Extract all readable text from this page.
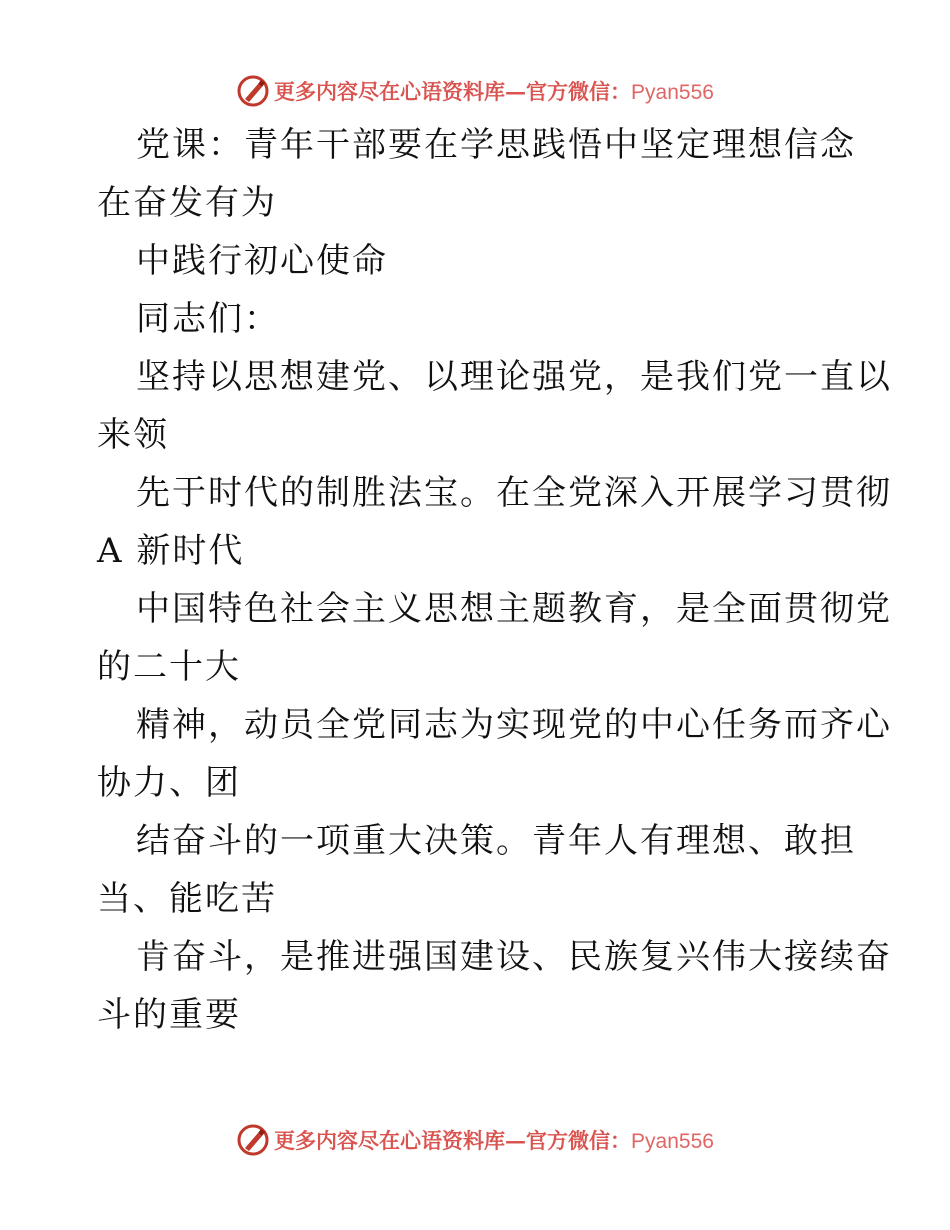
更多内容尽在心语资料库—官方微信：Pyan556
党课：青年干部要在学思践悟中坚定理想信念
在奋发有为
中践行初心使命
同志们：
坚持以思想建党、以理论强党，是我们党一直以
来领
先于时代的制胜法宝。在全党深入开展学习贯彻
A 新时代
中国特色社会主义思想主题教育，是全面贯彻党
的二十大
精神，动员全党同志为实现党的中心任务而齐心
协力、团
结奋斗的一项重大决策。青年人有理想、敢担
当、能吃苦
肯奋斗，是推进强国建设、民族复兴伟大接续奋
斗的重要
更多内容尽在心语资料库—官方微信：Pyan556
